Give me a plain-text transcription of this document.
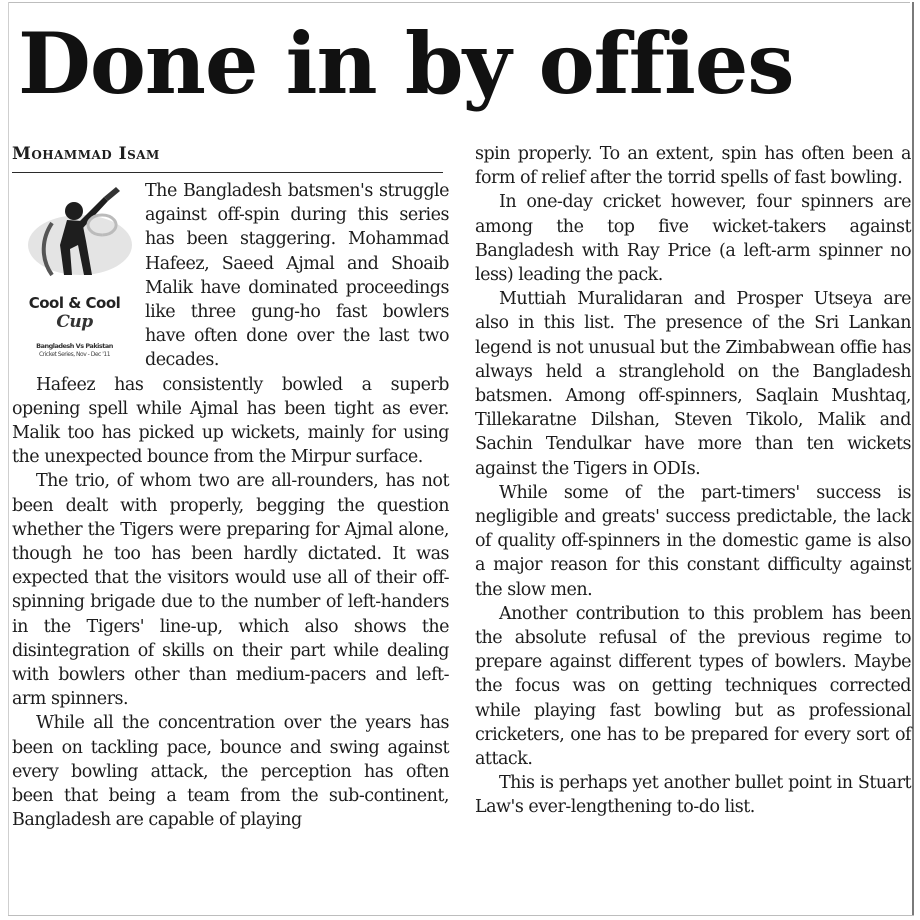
Done in by offies
Mohammad Isam
Cool & Cool
Cup
Bangladesh Vs Pakistan
Cricket Series, Nov - Dec '11

The Bangladesh batsmen's struggle against off-spin during this series has been staggering. Mohammad Hafeez, Saeed Ajmal and Shoaib Malik have dominated proceedings like three gung-ho fast bowlers have often done over the last two decades.

Hafeez has consistently bowled a superb opening spell while Ajmal has been tight as ever. Malik too has picked up wickets, mainly for using the unexpected bounce from the Mirpur surface.

The trio, of whom two are all-rounders, has not been dealt with properly, begging the question whether the Tigers were preparing for Ajmal alone, though he too has been hardly dictated. It was expected that the visitors would use all of their off-spinning brigade due to the number of left-handers in the Tigers' line-up, which also shows the disintegration of skills on their part while dealing with bowlers other than medium-pacers and left-arm spinners.

While all the concentration over the years has been on tackling pace, bounce and swing against every bowling attack, the perception has often been that being a team from the sub-continent, Bangladesh are capable of playing

spin properly. To an extent, spin has often been a form of relief after the torrid spells of fast bowling.

In one-day cricket however, four spinners are among the top five wicket-takers against Bangladesh with Ray Price (a left-arm spinner no less) leading the pack.

Muttiah Muralidaran and Prosper Utseya are also in this list. The presence of the Sri Lankan legend is not unusual but the Zimbabwean offie has always held a stranglehold on the Bangladesh batsmen. Among off-spinners, Saqlain Mushtaq, Tillekaratne Dilshan, Steven Tikolo, Malik and Sachin Tendulkar have more than ten wickets against the Tigers in ODIs.

While some of the part-timers' success is negligible and greats' success predictable, the lack of quality off-spinners in the domestic game is also a major reason for this constant difficulty against the slow men.

Another contribution to this problem has been the absolute refusal of the previous regime to prepare against different types of bowlers. Maybe the focus was on getting techniques corrected while playing fast bowling but as professional cricketers, one has to be prepared for every sort of attack.

This is perhaps yet another bullet point in Stuart Law's ever-lengthening to-do list.
